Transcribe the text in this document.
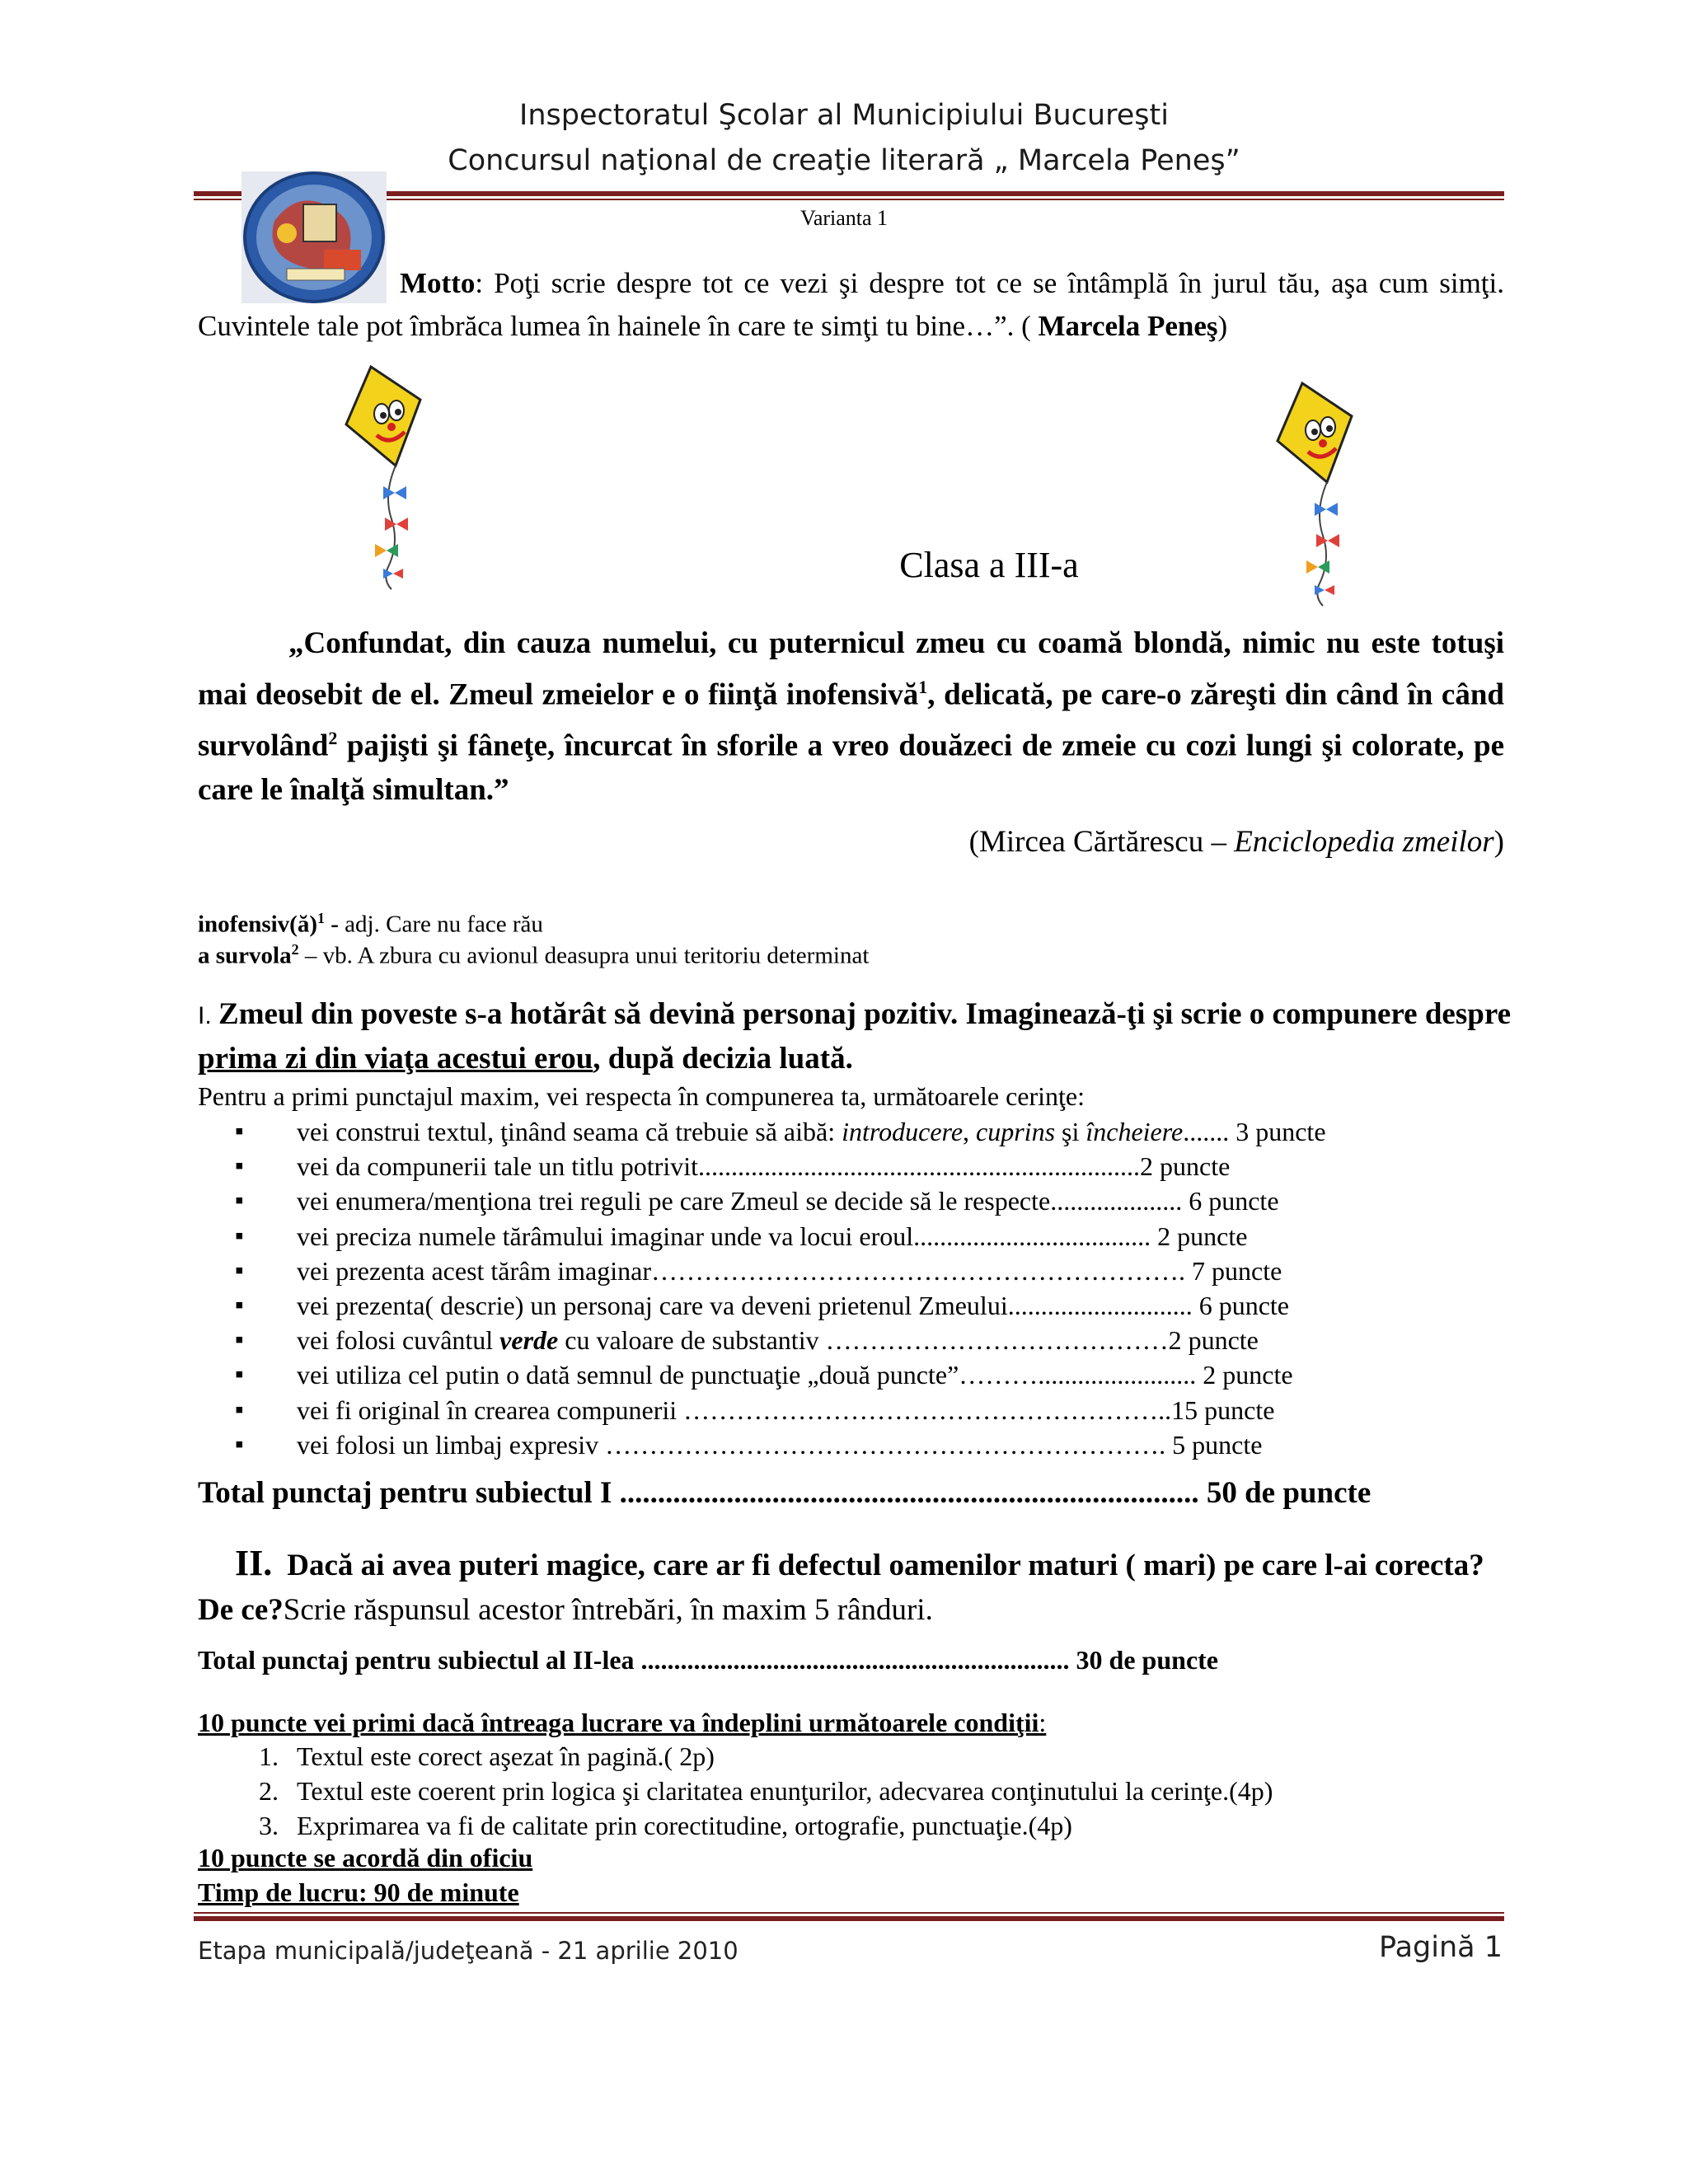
Inspectoratul Şcolar al Municipiului Bucureşti
Concursul naţional de creaţie literară „ Marcela Peneş”
Varianta 1
Motto: Poţi scrie despre tot ce vezi şi despre tot ce se întâmplă în jurul tău, aşa cum simţi. Cuvintele tale pot îmbrăca lumea în hainele în care te simţi tu bine…”. ( Marcela Peneş)
Clasa a III-a
„Confundat, din cauza numelui, cu puternicul zmeu cu coamă blondă, nimic nu este totuşi mai deosebit de el. Zmeul zmeielor e o fiinţă inofensivă$^1$, delicată, pe care-o zăreşti din când în când survolând$^2$ pajişti şi fâneţe, încurcat în sforile a vreo douăzeci de zmeie cu cozi lungi şi colorate, pe care le înalţă simultan.”
(Mircea Cărtărescu – Enciclopedia zmeilor)
inofensiv(ă)$^1$ - adj. Care nu face rău
a survola$^2$ – vb. A zbura cu avionul deasupra unui teritoriu determinat
I. Zmeul din poveste s-a hotărât să devină personaj pozitiv. Imaginează-ţi şi scrie o compunere despre prima zi din viaţa acestui erou, după decizia luată.
Pentru a primi punctajul maxim, vei respecta în compunerea ta, următoarele cerinţe:
▪ vei construi textul, ţinând seama că trebuie să aibă: introducere, cuprins şi încheiere....... 3 puncte
▪ vei da compunerii tale un titlu potrivit...................................................................2 puncte
▪ vei enumera/menţiona trei reguli pe care Zmeul se decide să le respecte.................... 6 puncte
▪ vei preciza numele tărâmului imaginar unde va locui eroul.................................... 2 puncte
▪ vei prezenta acest tărâm imaginar……………………………………………………. 7 puncte
▪ vei prezenta( descrie) un personaj care va deveni prietenul Zmeului............................ 6 puncte
▪ vei folosi cuvântul verde cu valoare de substantiv …………………………………2 puncte
▪ vei utiliza cel putin o dată semnul de punctuaţie „două puncte”………........................ 2 puncte
▪ vei fi original în crearea compunerii ………………………………………………..15 puncte
▪ vei folosi un limbaj expresiv ………………………………………………………. 5 puncte
Total punctaj pentru subiectul I ............................................................................ 50 de puncte
II. Dacă ai avea puteri magice, care ar fi defectul oamenilor maturi ( mari) pe care l-ai corecta? De ce?Scrie răspunsul acestor întrebări, în maxim 5 rânduri.
Total punctaj pentru subiectul al II-lea ................................................................. 30 de puncte
10 puncte vei primi dacă întreaga lucrare va îndeplini următoarele condiţii:
1. Textul este corect aşezat în pagină.( 2p)
2. Textul este coerent prin logica şi claritatea enunţurilor, adecvarea conţinutului la cerinţe.(4p)
3. Exprimarea va fi de calitate prin corectitudine, ortografie, punctuaţie.(4p)
10 puncte se acordă din oficiu
Timp de lucru: 90 de minute
Etapa municipală/judeţeană - 21 aprilie 2010	Pagină 1
